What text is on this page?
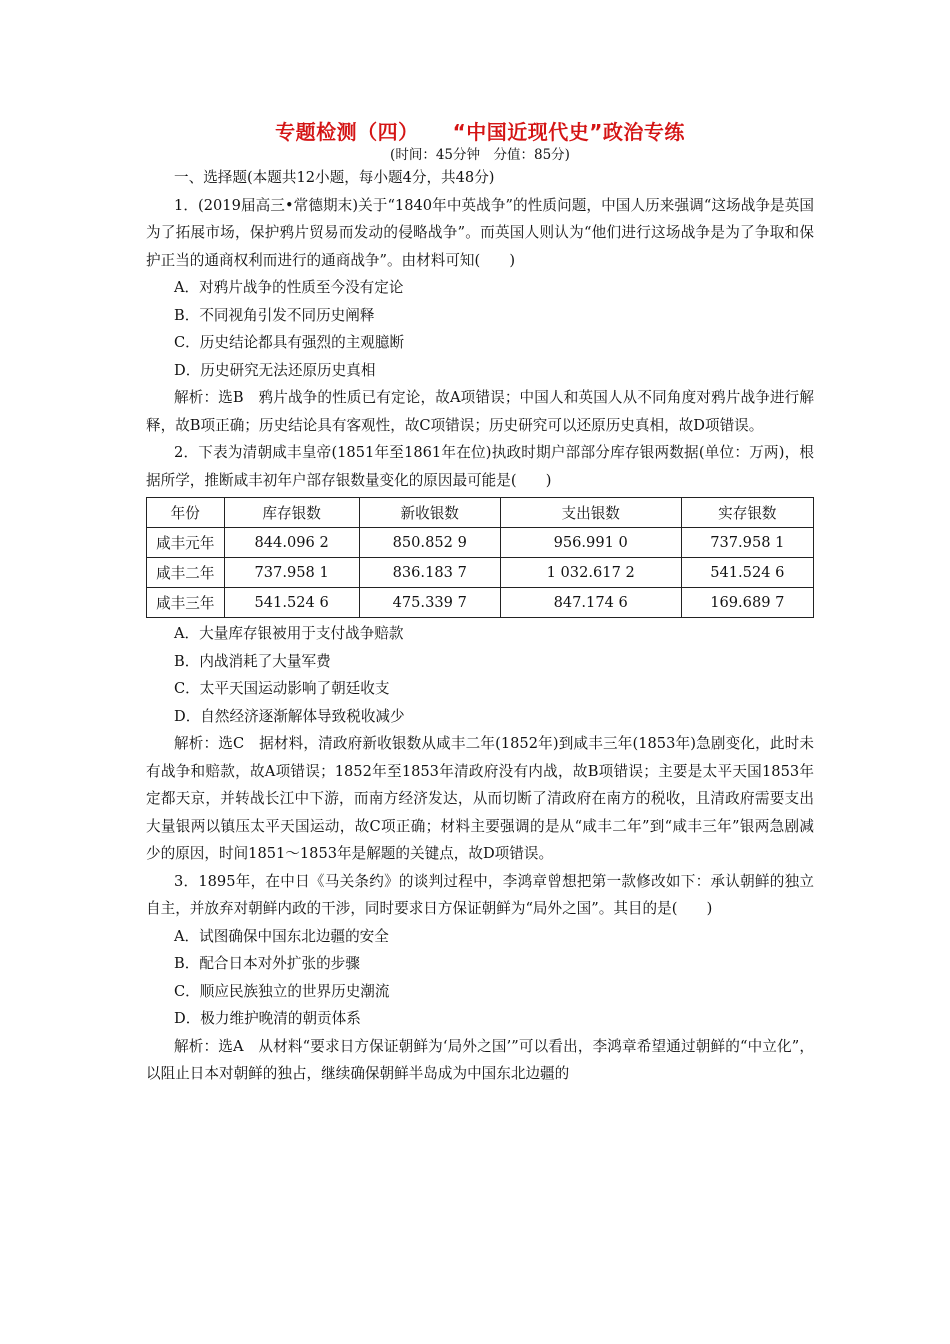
专题检测（四） “中国近现代史”政治专练

(时间：45分钟　分值：85分)

一、选择题(本题共12小题，每小题4分，共48分)

1．(2019届高三•常德期末)关于“1840年中英战争”的性质问题，中国人历来强调“这场战争是英国为了拓展市场，保护鸦片贸易而发动的侵略战争”。而英国人则认为“他们进行这场战争是为了争取和保护正当的通商权利而进行的通商战争”。由材料可知(　　)

A．对鸦片战争的性质至今没有定论

B．不同视角引发不同历史阐释

C．历史结论都具有强烈的主观臆断

D．历史研究无法还原历史真相

解析：选B　鸦片战争的性质已有定论，故A项错误；中国人和英国人从不同角度对鸦片战争进行解释，故B项正确；历史结论具有客观性，故C项错误；历史研究可以还原历史真相，故D项错误。

2．下表为清朝咸丰皇帝(1851年至1861年在位)执政时期户部部分库存银两数据(单位：万两)，根据所学，推断咸丰初年户部存银数量变化的原因最可能是(　　)

年份	库存银数	新收银数	支出银数	实存银数
咸丰元年	844.096 2	850.852 9	956.991 0	737.958 1
咸丰二年	737.958 1	836.183 7	1 032.617 2	541.524 6
咸丰三年	541.524 6	475.339 7	847.174 6	169.689 7

A．大量库存银被用于支付战争赔款

B．内战消耗了大量军费

C．太平天国运动影响了朝廷收支

D．自然经济逐渐解体导致税收减少

解析：选C　据材料，清政府新收银数从咸丰二年(1852年)到咸丰三年(1853年)急剧变化，此时未有战争和赔款，故A项错误；1852年至1853年清政府没有内战，故B项错误；主要是太平天国1853年定都天京，并转战长江中下游，而南方经济发达，从而切断了清政府在南方的税收，且清政府需要支出大量银两以镇压太平天国运动，故C项正确；材料主要强调的是从“咸丰二年”到“咸丰三年”银两急剧减少的原因，时间1851～1853年是解题的关键点，故D项错误。

3．1895年，在中日《马关条约》的谈判过程中，李鸿章曾想把第一款修改如下：承认朝鲜的独立自主，并放弃对朝鲜内政的干涉，同时要求日方保证朝鲜为“局外之国”。其目的是(　　)

A．试图确保中国东北边疆的安全

B．配合日本对外扩张的步骤

C．顺应民族独立的世界历史潮流

D．极力维护晚清的朝贡体系

解析：选A　从材料“要求日方保证朝鲜为‘局外之国’”可以看出，李鸿章希望通过朝鲜的“中立化”，以阻止日本对朝鲜的独占，继续确保朝鲜半岛成为中国东北边疆的
